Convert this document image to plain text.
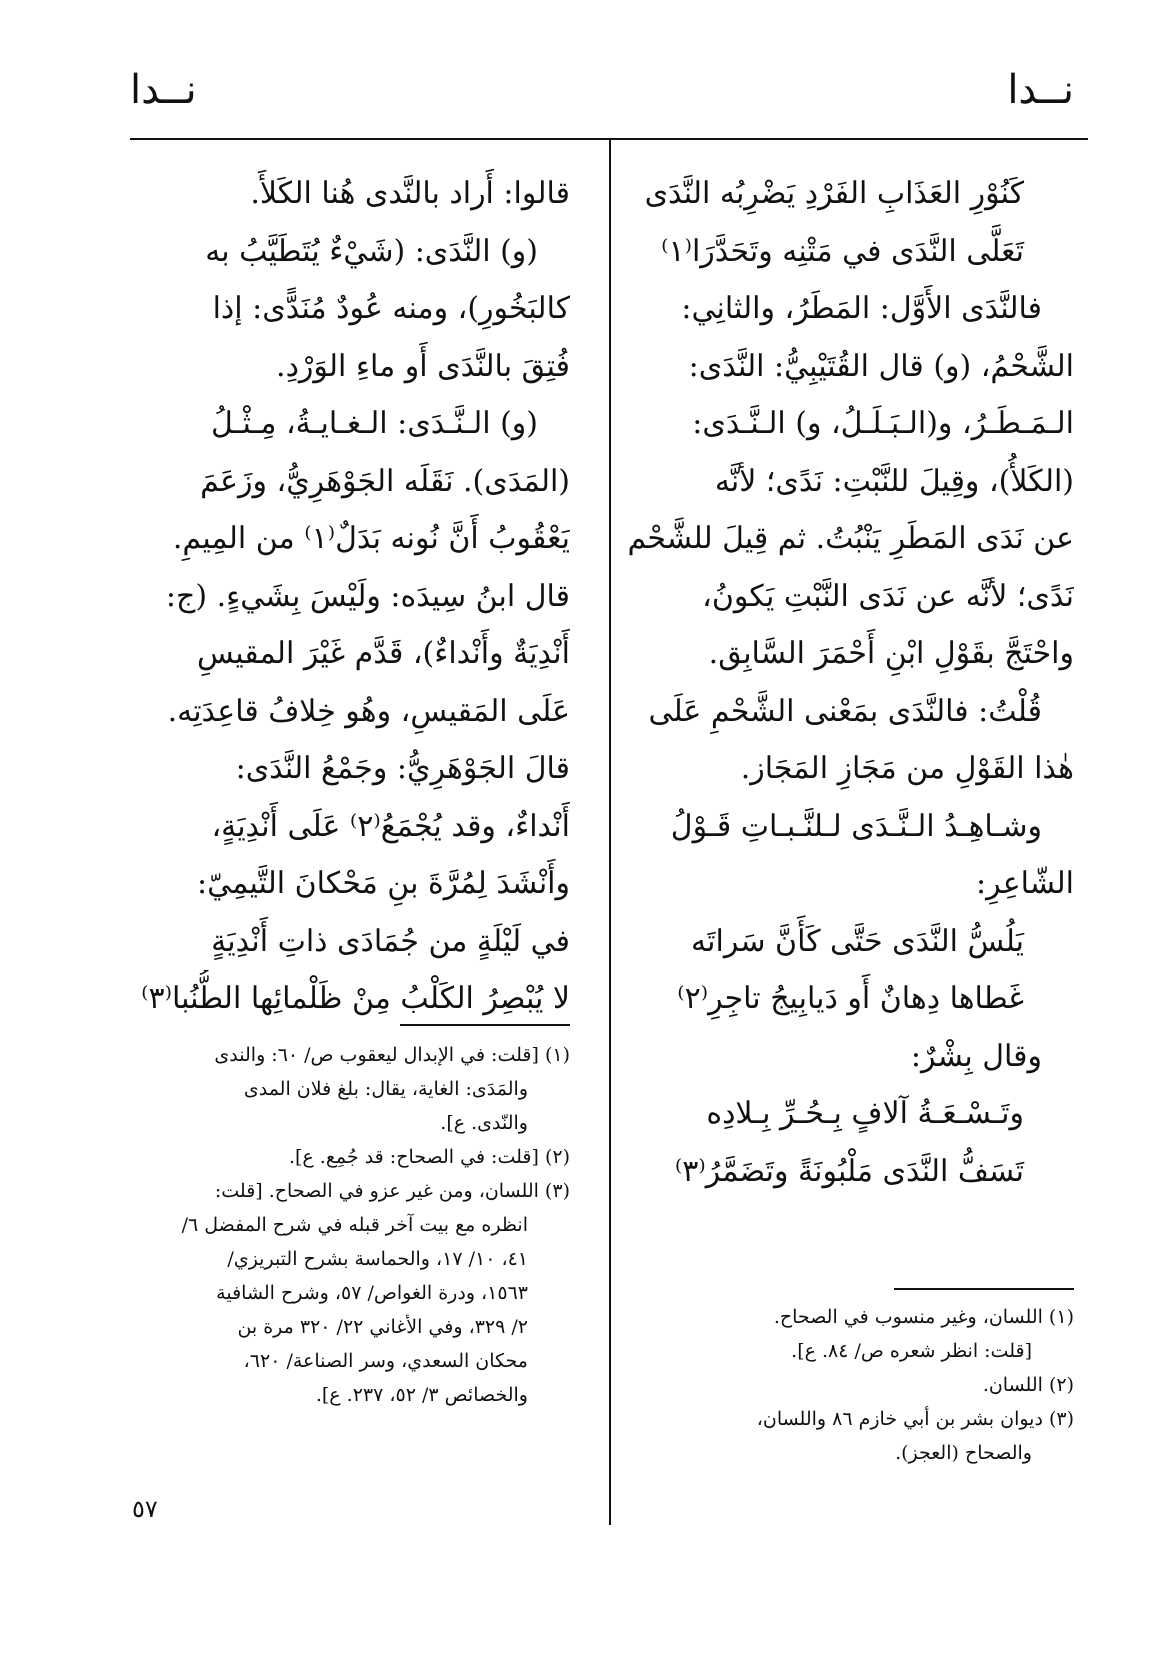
نــدا
نــدا

كَنُوْرِ العَذَابِ الفَرْدِ يَضْرِبُه النَّدَى

تَعَلَّى النَّدَى في مَتْنِه وتَحَدَّرَا⁽١⁾

فالنَّدَى الأَوَّل: المَطَرُ، والثانِي:

الشَّحْمُ، (و) قال القُتَيْبِيُّ: النَّدَى:

الـمَـطَـرُ، و(الـبَـلَـلُ، و) الـنَّـدَى:

(الكَلأُ)، وقِيلَ للنَّبْتِ: نَدًى؛ لأنَّه

عن نَدَى المَطَرِ يَنْبُتُ. ثم قِيلَ للشَّحْم

نَدًى؛ لأنَّه عن نَدَى النَّبْتِ يَكونُ،

واحْتَجَّ بقَوْلِ ابْنِ أَحْمَرَ السَّابِق.

قُلْتُ: فالنَّدَى بمَعْنى الشَّحْمِ عَلَى

هٰذا القَوْلِ من مَجَازِ المَجَاز.

وشـاهِـدُ الـنَّـدَى لـلنَّـبـاتِ قَـوْلُ

الشّاعِرِ:

يَلُسُّ النَّدَى حَتَّى كَأَنَّ سَراتَه

غَطاها دِهانٌ أَو دَيابِيجُ تاجِرِ⁽٢⁾

وقال بِشْرٌ:

وتَـسْـعَـةُ آلافٍ بِـحُـرِّ بِـلادِه

تَسَفُّ النَّدَى مَلْبُونَةً وتَضَمَّرُ⁽٣⁾

قالوا: أَراد بالنَّدى هُنا الكَلأَ.

(و) النَّدَى: (شَيْءٌ يُتَطَيَّبُ به

كالبَخُورِ)، ومنه عُودٌ مُنَدًّى: إذا

فُتِقَ بالنَّدَى أَو ماءِ الوَرْدِ.

(و) الـنَّـدَى: الـغـايـةُ، مِـثْـلُ

(المَدَى). نَقَلَه الجَوْهَرِيُّ، وزَعَمَ

يَعْقُوبُ أَنَّ نُونه بَدَلٌ⁽١⁾ من المِيمِ.

قال ابنُ سِيدَه: ولَيْسَ بِشَيءٍ. (ج:

أَنْدِيَةٌ وأَنْداءٌ)، قَدَّم غَيْرَ المقيسِ

عَلَى المَقيسِ، وهُو خِلافُ قاعِدَتِه.

قالَ الجَوْهَرِيُّ: وجَمْعُ النَّدَى:

أَنْداءٌ، وقد يُجْمَعُ⁽٢⁾ عَلَى أَنْدِيَةٍ،

وأَنْشَدَ لِمُرَّةَ بنِ مَحْكانَ التَّيمِيّ:

في لَيْلَةٍ من جُمَادَى ذاتِ أَنْدِيَةٍ

لا يُبْصِرُ الكَلْبُ مِنْ ظَلْمائِها الطُّنُبا⁽٣⁾

(١) اللسان، وغير منسوب في الصحاح.

[قلت: انظر شعره ص/ ٨٤. ع].

(٢) اللسان.

(٣) ديوان بشر بن أبي خازم ٨٦ واللسان،

والصحاح (العجز).

(١) [قلت: في الإبدال ليعقوب ص/ ٦٠: والندى

والمَدَى: الغاية، يقال: بلغ فلان المدى

والنّدى. ع].

(٢) [قلت: في الصحاح: قد جُمِع. ع].

(٣) اللسان، ومن غير عزو في الصحاح. [قلت:

انظره مع بيت آخر قبله في شرح المفضل ٦/

٤١، ١٠/ ١٧، والحماسة بشرح التبريزي/

١٥٦٣، ودرة الغواص/ ٥٧، وشرح الشافية

٢/ ٣٢٩، وفي الأغاني ٢٢/ ٣٢٠ مرة بن

محكان السعدي، وسر الصناعة/ ٦٢٠،

والخصائص ٣/ ٥٢، ٢٣٧. ع].

٥٧
